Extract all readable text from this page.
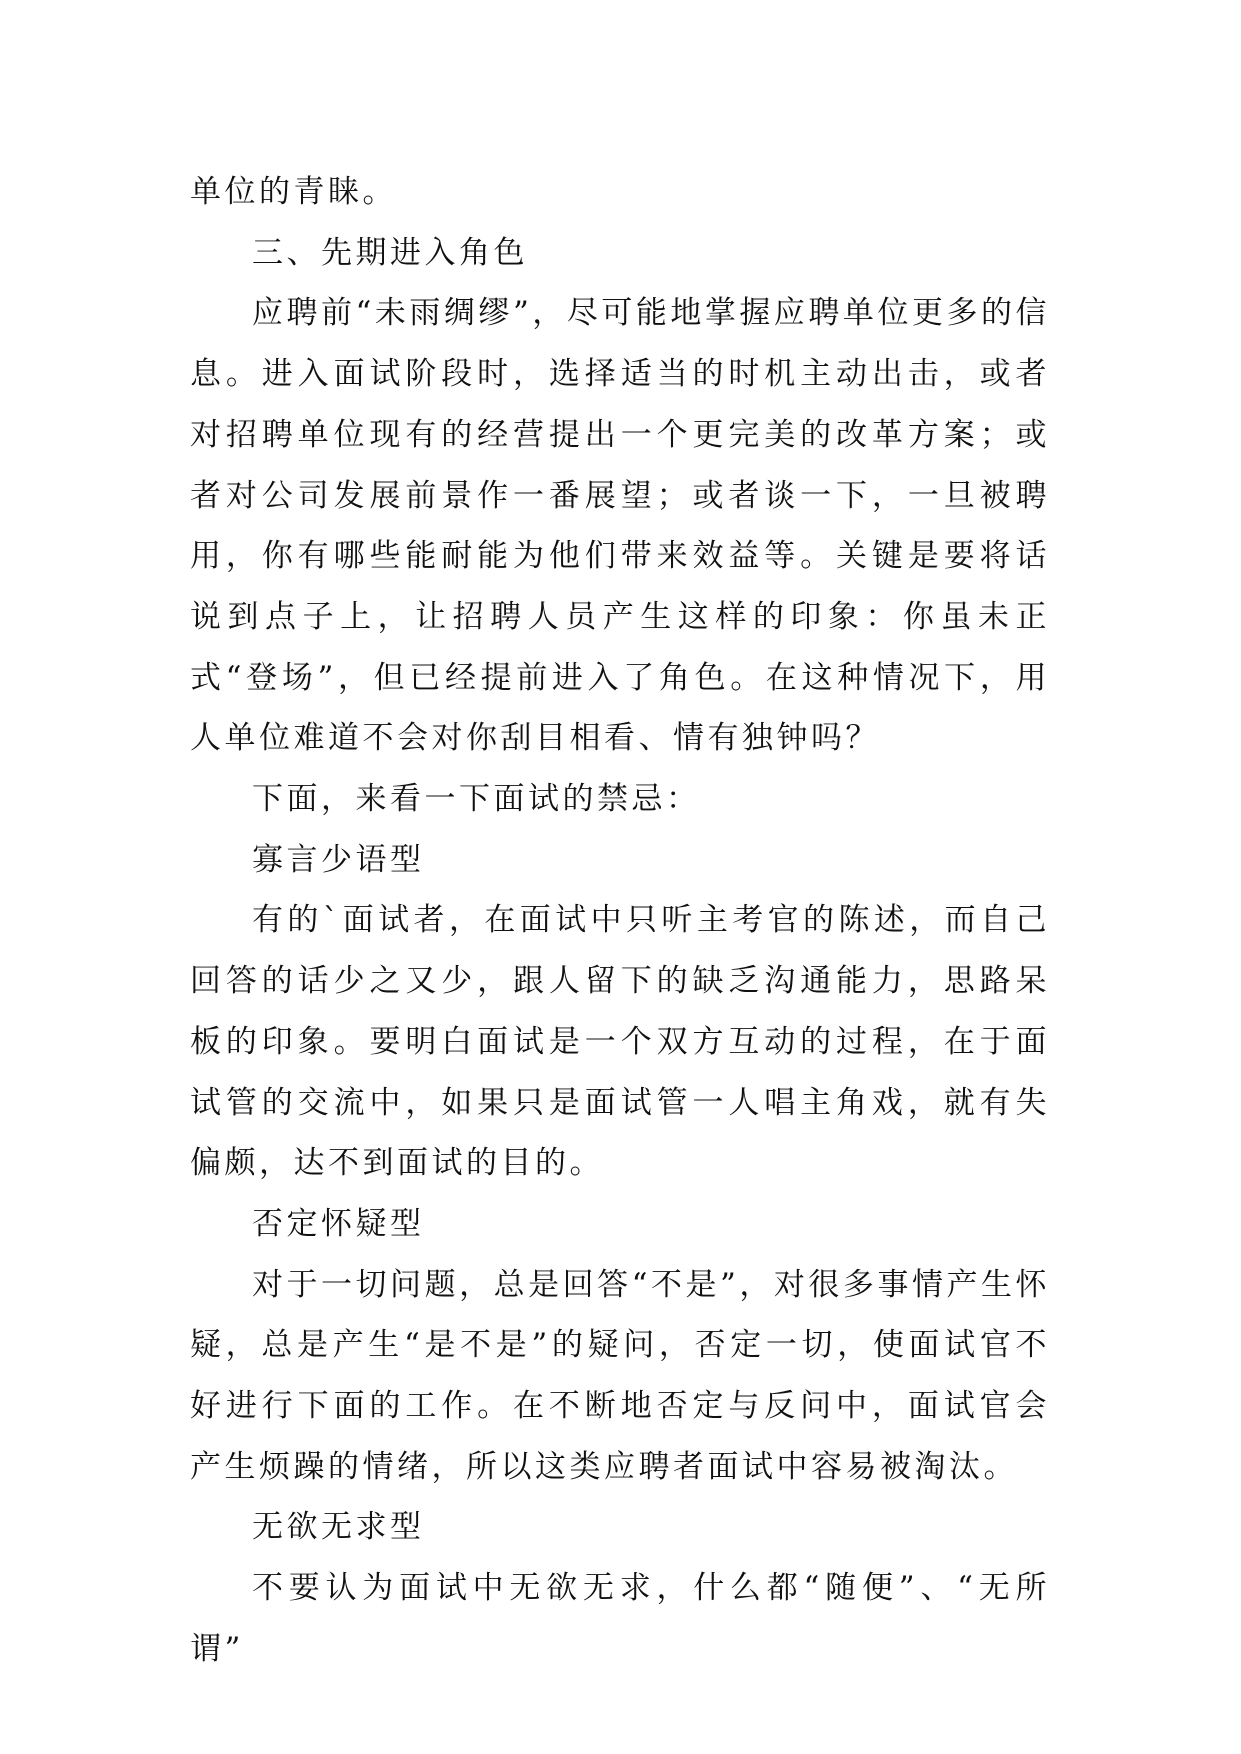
单位的青睐。

三、先期进入角色

应聘前“未雨绸缪”，尽可能地掌握应聘单位更多的信息。进入面试阶段时，选择适当的时机主动出击，或者对招聘单位现有的经营提出一个更完美的改革方案；或者对公司发展前景作一番展望；或者谈一下，一旦被聘用，你有哪些能耐能为他们带来效益等。关键是要将话说到点子上，让招聘人员产生这样的印象：你虽未正式“登场”，但已经提前进入了角色。在这种情况下，用人单位难道不会对你刮目相看、情有独钟吗？

下面，来看一下面试的禁忌：

寡言少语型

有的`面试者，在面试中只听主考官的陈述，而自己回答的话少之又少，跟人留下的缺乏沟通能力，思路呆板的印象。要明白面试是一个双方互动的过程，在于面试管的交流中，如果只是面试管一人唱主角戏，就有失偏颇，达不到面试的目的。

否定怀疑型

对于一切问题，总是回答“不是”，对很多事情产生怀疑，总是产生“是不是”的疑问，否定一切，使面试官不好进行下面的工作。在不断地否定与反问中，面试官会产生烦躁的情绪，所以这类应聘者面试中容易被淘汰。

无欲无求型

不要认为面试中无欲无求，什么都“随便”、“无所谓”
